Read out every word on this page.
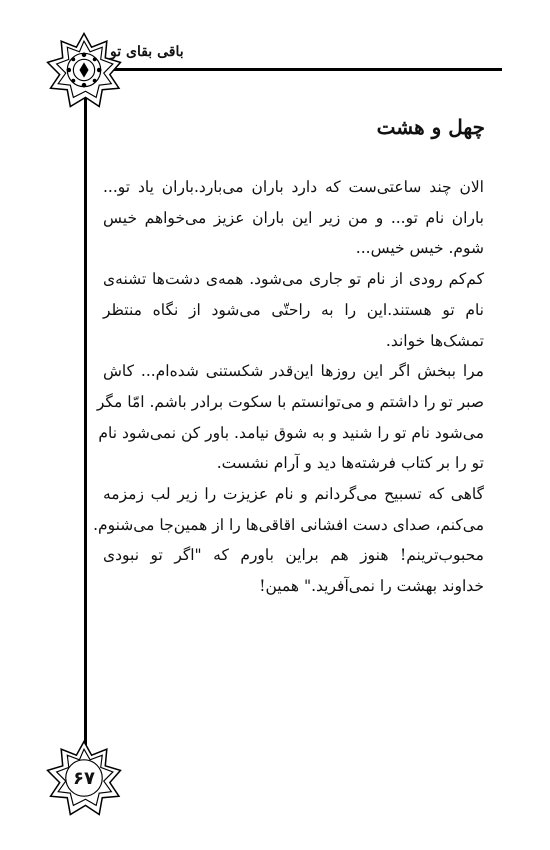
باقی بقای تو
چهل و هشت
الان چند ساعتی‌ست که دارد باران می‌بارد.باران یاد تو...
باران نام تو... و من زیر این باران عزیز می‌خواهم خیس
شوم. خیس خیس...
کم‌کم رودی از نام تو جاری می‌شود. همه‌ی دشت‌ها تشنه‌ی
نام تو هستند.این را به راحتّی می‌شود از نگاه منتظر
تمشک‌ها خواند.
مرا ببخش اگر این روزها این‌قدر شکستنی شده‌ام... کاش
صبر تو را داشتم و می‌توانستم با سکوت برادر باشم. امّا مگر
می‌شود نام تو را شنید و به شوق نیامد. باور کن نمی‌شود نام
تو را بر کتاب فرشته‌ها دید و آرام نشست.
گاهی که تسبیح می‌گردانم و نام عزیزت را زیر لب زمزمه
می‌کنم، صدای دست افشانی اقاقی‌ها را از همین‌جا می‌شنوم.
محبوب‌ترینم! هنوز هم براین باورم که "اگر تو نبودی
خداوند بهشت را نمی‌آفرید." همین!
۶۷
